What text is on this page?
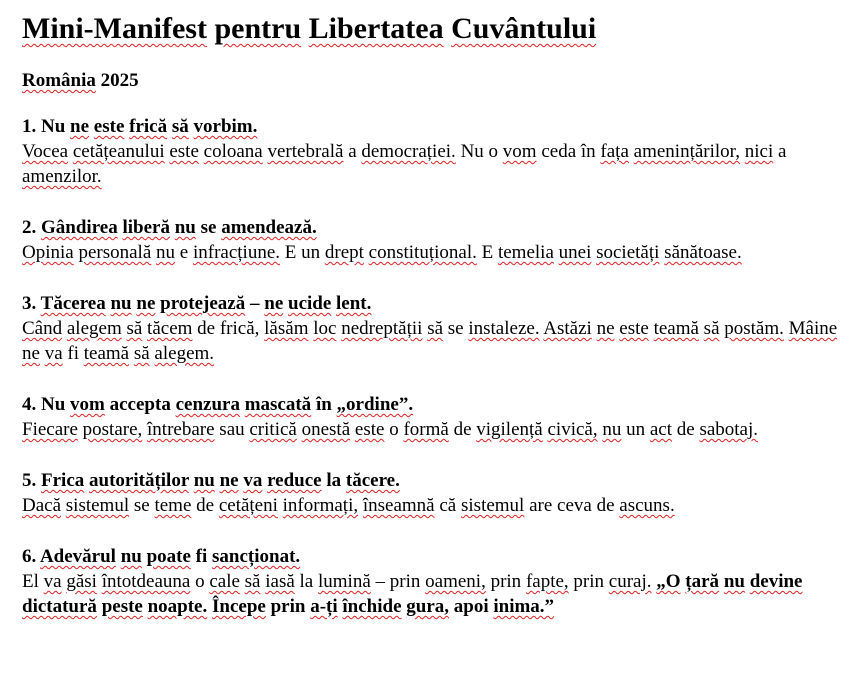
Mini-Manifest pentru Libertatea Cuvântului
România 2025
1. Nu ne este frică să vorbim.
Vocea cetățeanului este coloana vertebrală a democrației. Nu o vom ceda în fața amenințărilor, nici a amenzilor.
2. Gândirea liberă nu se amendează.
Opinia personală nu e infracțiune. E un drept constituțional. E temelia unei societăți sănătoase.
3. Tăcerea nu ne protejează – ne ucide lent.
Când alegem să tăcem de frică, lăsăm loc nedreptății să se instaleze. Astăzi ne este teamă să postăm. Mâine ne va fi teamă să alegem.
4. Nu vom accepta cenzura mascată în „ordine”.
Fiecare postare, întrebare sau critică onestă este o formă de vigilență civică, nu un act de sabotaj.
5. Frica autorităților nu ne va reduce la tăcere.
Dacă sistemul se teme de cetățeni informați, înseamnă că sistemul are ceva de ascuns.
6. Adevărul nu poate fi sancționat.
El va găsi întotdeauna o cale să iasă la lumină – prin oameni, prin fapte, prin curaj. „O țară nu devine dictatură peste noapte. Începe prin a-ți închide gura, apoi inima.”
